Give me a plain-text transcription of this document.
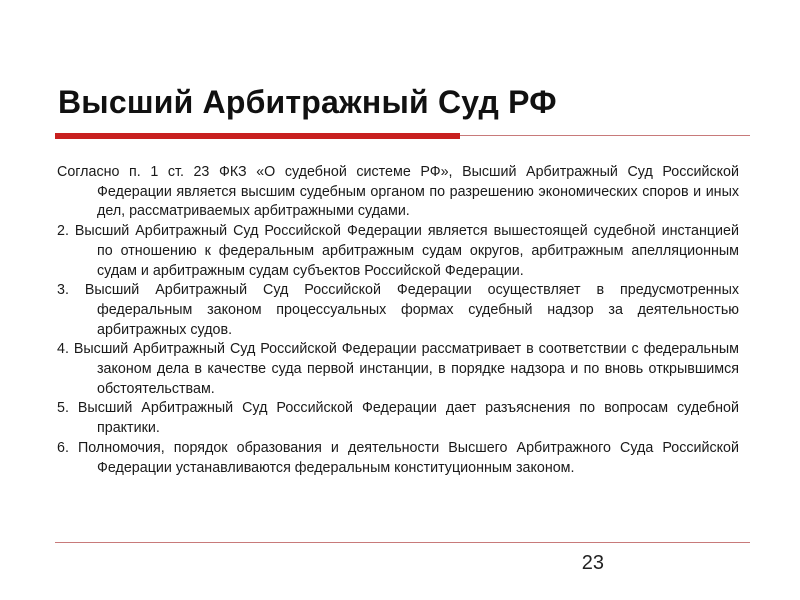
Высший Арбитражный Суд РФ

Согласно п. 1 ст. 23 ФКЗ «О судебной системе РФ», Высший Арбитражный Суд Российской Федерации является высшим судебным органом по разрешению экономических споров и иных дел, рассматриваемых арбитражными судами.

2. Высший Арбитражный Суд Российской Федерации является вышестоящей судебной инстанцией по отношению к федеральным арбитражным судам округов, арбитражным апелляционным судам и арбитражным судам субъектов Российской Федерации.

3. Высший Арбитражный Суд Российской Федерации осуществляет в предусмотренных федеральным законом процессуальных формах судебный надзор за деятельностью арбитражных судов.

4. Высший Арбитражный Суд Российской Федерации рассматривает в соответствии с федеральным законом дела в качестве суда первой инстанции, в порядке надзора и по вновь открывшимся обстоятельствам.

5. Высший Арбитражный Суд Российской Федерации дает разъяснения по вопросам судебной практики.

6. Полномочия, порядок образования и деятельности Высшего Арбитражного Суда Российской Федерации устанавливаются федеральным конституционным законом.

23
